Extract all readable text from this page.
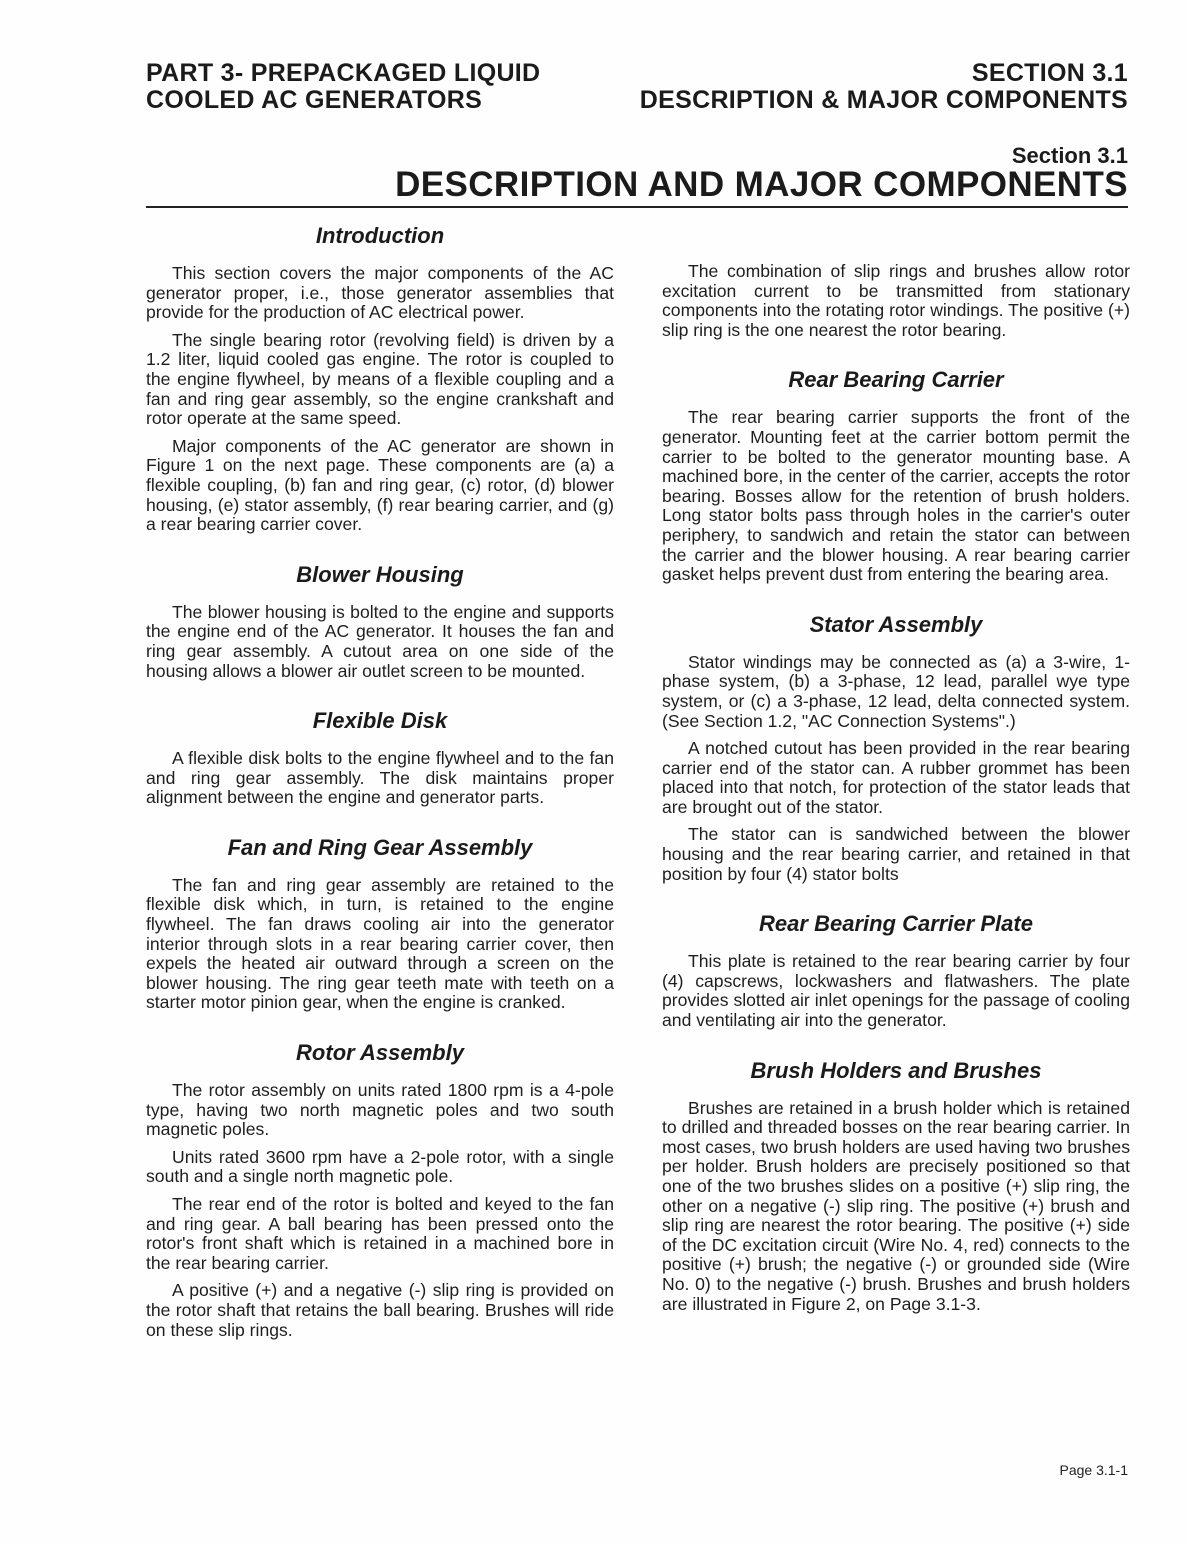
PART 3- PREPACKAGED LIQUID
COOLED AC GENERATORS
SECTION 3.1
DESCRIPTION & MAJOR COMPONENTS
Section 3.1
DESCRIPTION AND MAJOR COMPONENTS
Introduction

This section covers the major components of the AC generator proper, i.e., those generator assemblies that provide for the production of AC electrical power.

The single bearing rotor (revolving field) is driven by a 1.2 liter, liquid cooled gas engine. The rotor is coupled to the engine flywheel, by means of a flexible coupling and a fan and ring gear assembly, so the engine crankshaft and rotor operate at the same speed.

Major components of the AC generator are shown in Figure 1 on the next page. These components are (a) a flexible coupling, (b) fan and ring gear, (c) rotor, (d) blower housing, (e) stator assembly, (f) rear bearing carrier, and (g) a rear bearing carrier cover.

Blower Housing

The blower housing is bolted to the engine and supports the engine end of the AC generator. It houses the fan and ring gear assembly. A cutout area on one side of the housing allows a blower air outlet screen to be mounted.

Flexible Disk

A flexible disk bolts to the engine flywheel and to the fan and ring gear assembly. The disk maintains proper alignment between the engine and generator parts.

Fan and Ring Gear Assembly

The fan and ring gear assembly are retained to the flexible disk which, in turn, is retained to the engine flywheel. The fan draws cooling air into the generator interior through slots in a rear bearing carrier cover, then expels the heated air outward through a screen on the blower housing. The ring gear teeth mate with teeth on a starter motor pinion gear, when the engine is cranked.

Rotor Assembly

The rotor assembly on units rated 1800 rpm is a 4-pole type, having two north magnetic poles and two south magnetic poles.

Units rated 3600 rpm have a 2-pole rotor, with a single south and a single north magnetic pole.

The rear end of the rotor is bolted and keyed to the fan and ring gear. A ball bearing has been pressed onto the rotor's front shaft which is retained in a machined bore in the rear bearing carrier.

A positive (+) and a negative (-) slip ring is provided on the rotor shaft that retains the ball bearing. Brushes will ride on these slip rings.

The combination of slip rings and brushes allow rotor excitation current to be transmitted from stationary components into the rotating rotor windings. The positive (+) slip ring is the one nearest the rotor bearing.

Rear Bearing Carrier

The rear bearing carrier supports the front of the generator. Mounting feet at the carrier bottom permit the carrier to be bolted to the generator mounting base. A machined bore, in the center of the carrier, accepts the rotor bearing. Bosses allow for the retention of brush holders. Long stator bolts pass through holes in the carrier's outer periphery, to sandwich and retain the stator can between the carrier and the blower housing. A rear bearing carrier gasket helps prevent dust from entering the bearing area.

Stator Assembly

Stator windings may be connected as (a) a 3-wire, 1-phase system, (b) a 3-phase, 12 lead, parallel wye type system, or (c) a 3-phase, 12 lead, delta connected system. (See Section 1.2, "AC Connection Systems".)

A notched cutout has been provided in the rear bearing carrier end of the stator can. A rubber grommet has been placed into that notch, for protection of the stator leads that are brought out of the stator.

The stator can is sandwiched between the blower housing and the rear bearing carrier, and retained in that position by four (4) stator bolts

Rear Bearing Carrier Plate

This plate is retained to the rear bearing carrier by four (4) capscrews, lockwashers and flatwashers. The plate provides slotted air inlet openings for the passage of cooling and ventilating air into the generator.

Brush Holders and Brushes

Brushes are retained in a brush holder which is retained to drilled and threaded bosses on the rear bearing carrier. In most cases, two brush holders are used having two brushes per holder. Brush holders are precisely positioned so that one of the two brushes slides on a positive (+) slip ring, the other on a negative (-) slip ring. The positive (+) brush and slip ring are nearest the rotor bearing. The positive (+) side of the DC excitation circuit (Wire No. 4, red) connects to the positive (+) brush; the negative (-) or grounded side (Wire No. 0) to the negative (-) brush. Brushes and brush holders are illustrated in Figure 2, on Page 3.1-3.

Page 3.1-1
